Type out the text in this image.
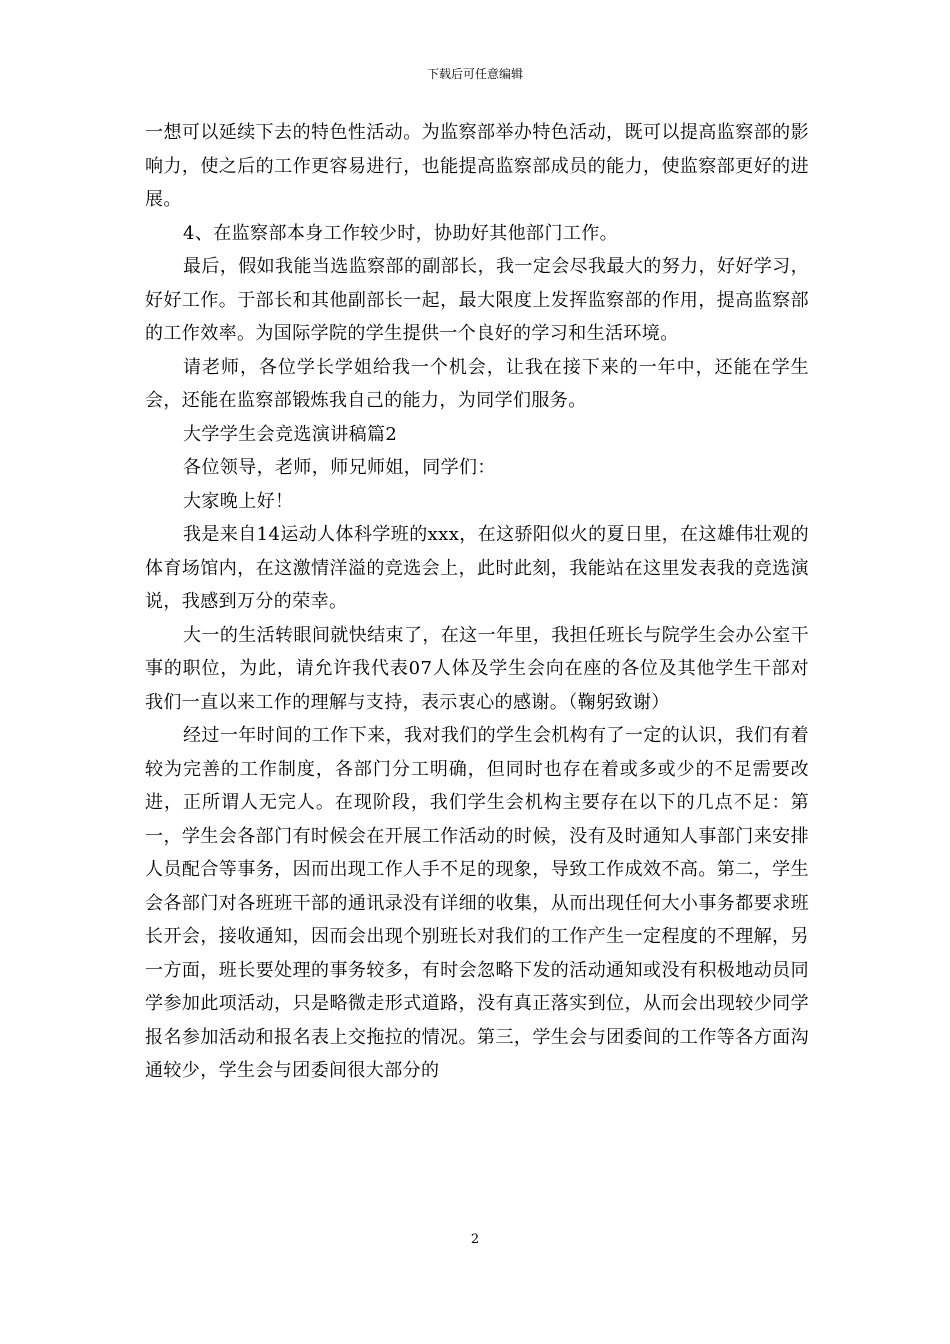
下载后可任意编辑

一想可以延续下去的特色性活动。为监察部举办特色活动，既可以提高监察部的影响力，使之后的工作更容易进行，也能提高监察部成员的能力，使监察部更好的进展。

4、在监察部本身工作较少时，协助好其他部门工作。

最后，假如我能当选监察部的副部长，我一定会尽我最大的努力，好好学习，好好工作。于部长和其他副部长一起，最大限度上发挥监察部的作用，提高监察部的工作效率。为国际学院的学生提供一个良好的学习和生活环境。

请老师，各位学长学姐给我一个机会，让我在接下来的一年中，还能在学生会，还能在监察部锻炼我自己的能力，为同学们服务。

大学学生会竞选演讲稿篇2

各位领导，老师，师兄师姐，同学们：

大家晚上好！

我是来自14运动人体科学班的xxx，在这骄阳似火的夏日里，在这雄伟壮观的体育场馆内，在这激情洋溢的竞选会上，此时此刻，我能站在这里发表我的竞选演说，我感到万分的荣幸。

大一的生活转眼间就快结束了，在这一年里，我担任班长与院学生会办公室干事的职位，为此，请允许我代表07人体及学生会向在座的各位及其他学生干部对我们一直以来工作的理解与支持，表示衷心的感谢。（鞠躬致谢）

经过一年时间的工作下来，我对我们的学生会机构有了一定的认识，我们有着较为完善的工作制度，各部门分工明确，但同时也存在着或多或少的不足需要改进，正所谓人无完人。在现阶段，我们学生会机构主要存在以下的几点不足：第一，学生会各部门有时候会在开展工作活动的时候，没有及时通知人事部门来安排人员配合等事务，因而出现工作人手不足的现象，导致工作成效不高。第二，学生会各部门对各班班干部的通讯录没有详细的收集，从而出现任何大小事务都要求班长开会，接收通知，因而会出现个别班长对我们的工作产生一定程度的不理解，另一方面，班长要处理的事务较多，有时会忽略下发的活动通知或没有积极地动员同学参加此项活动，只是略微走形式道路，没有真正落实到位，从而会出现较少同学报名参加活动和报名表上交拖拉的情况。第三，学生会与团委间的工作等各方面沟通较少，学生会与团委间很大部分的

2
